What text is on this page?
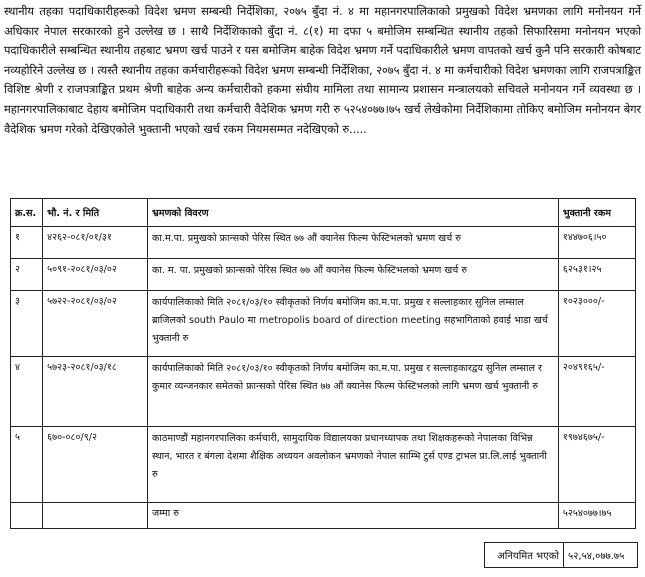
स्थानीय तहका पदाधिकारीहरूको विदेश भ्रमण सम्बन्धी निर्देशिका, २०७५ बुँदा नं. ४ मा महानगरपालिकाको प्रमुखको विदेश भ्रमणका लागि मनोनयन गर्ने अधिकार नेपाल सरकारको हुने उल्लेख छ । साथै निर्देशिकाको बुँदा नं. ८(१) मा दफा ५ बमोजिम सम्बन्धित स्थानीय तहको सिफारिसमा मनोनयन भएको पदाधिकारीले सम्बन्धित स्थानीय तहबाट भ्रमण खर्च पाउने र यस बमोजिम बाहेक विदेश भ्रमण गर्ने पदाधिकारीले भ्रमण वापतको खर्च कुनै पनि सरकारी कोषबाट नव्यहोरिने उल्लेख छ । त्यस्तै स्थानीय तहका कर्मचारीहरूको विदेश भ्रमण सम्बन्धी निर्देशिका, २०७५ बुँदा नं. ४ मा कर्मचारीको विदेश भ्रमणका लागि राजपत्राङ्कित विशिष्ट श्रेणी र राजपत्राङ्कित प्रथम श्रेणी बाहेक अन्य कर्मचारीको हकमा संघीय मामिला तथा सामान्य प्रशासन मन्त्रालयको सचिवले मनोनयन गर्ने व्यवस्था छ । महानगरपालिकाबाट देहाय बमोजिम पदाधिकारी तथा कर्मचारी वैदेशिक भ्रमण गरी रु ५२५४०७७।७५ खर्च लेखेकोमा निर्देशिकामा तोकिए बमोजिम मनोनयन बेगर वैदेशिक भ्रमण गरेको देखिएकोले भुक्तानी भएको खर्च रकम नियमसम्मत नदेखिएको रु.....
क्र.स.	भौ. नं. र मिति	भ्रमणको विवरण	भुक्तानी रकम
१	४२६२-०८१/०१/३१	का.म.पा. प्रमुखको फ्रान्सको पेरिस स्थित ७७ औं क्यानेस फिल्म फेस्टिभलको भ्रमण खर्च रु	१४४७०६।५०
२	५०९१-२०८१/०३/०२	का. म. पा. प्रमुखको फ्रान्सको पेरिस स्थित ७७ औं क्यानेस फिल्म फेस्टिभलको भ्रमण खर्च रु	६२५३१।२५
३	५७२२-२०८१/०३/०२	कार्यपालिकाको मिति २०८१/०३/१० स्वीकृतको निर्णय बमोजिम का.म.पा. प्रमुख र सल्लाहकार सुनिल लम्साल ब्राजिलको south Paulo मा metropolis board of direction meeting सहभागिताको हवाई भाडा खर्च भुक्तानी रु	१०२३०००/-
४	५७२३-२०८१/०३/१८	कार्यपालिकाको मिति २०८१/०३/१० स्वीकृतको निर्णय बमोजिम का.म.पा. प्रमुख र सल्लाहकारद्वय सुनिल लम्साल र कुमार व्यन्जनकार समेतको फ्रान्सको पेरिस स्थित ७७ औं क्यानेस फिल्म फेस्टिभलको लागि भ्रमण खर्च भुक्तानी रु	२०४९१६५/-
५	६७०-०८०/९/२	काठमाण्डौं महानगरपालिका कर्मचारी, सामुदायिक विद्यालयका प्रधानध्यापक तथा शिक्षकहरूको नेपालका विभिन्न स्थान, भारत र बंगला देशमा शैक्षिक अध्ययन अवलोकन भ्रमणको नेपाल साम्भि टुर्स एण्ड ट्राभल प्रा.लि.लाई भुक्तानी रु	१९७४६७५/-
		जम्मा रु	५२५४०७७।७५
अनियमित भएको ५२,५४,०७७.७५
